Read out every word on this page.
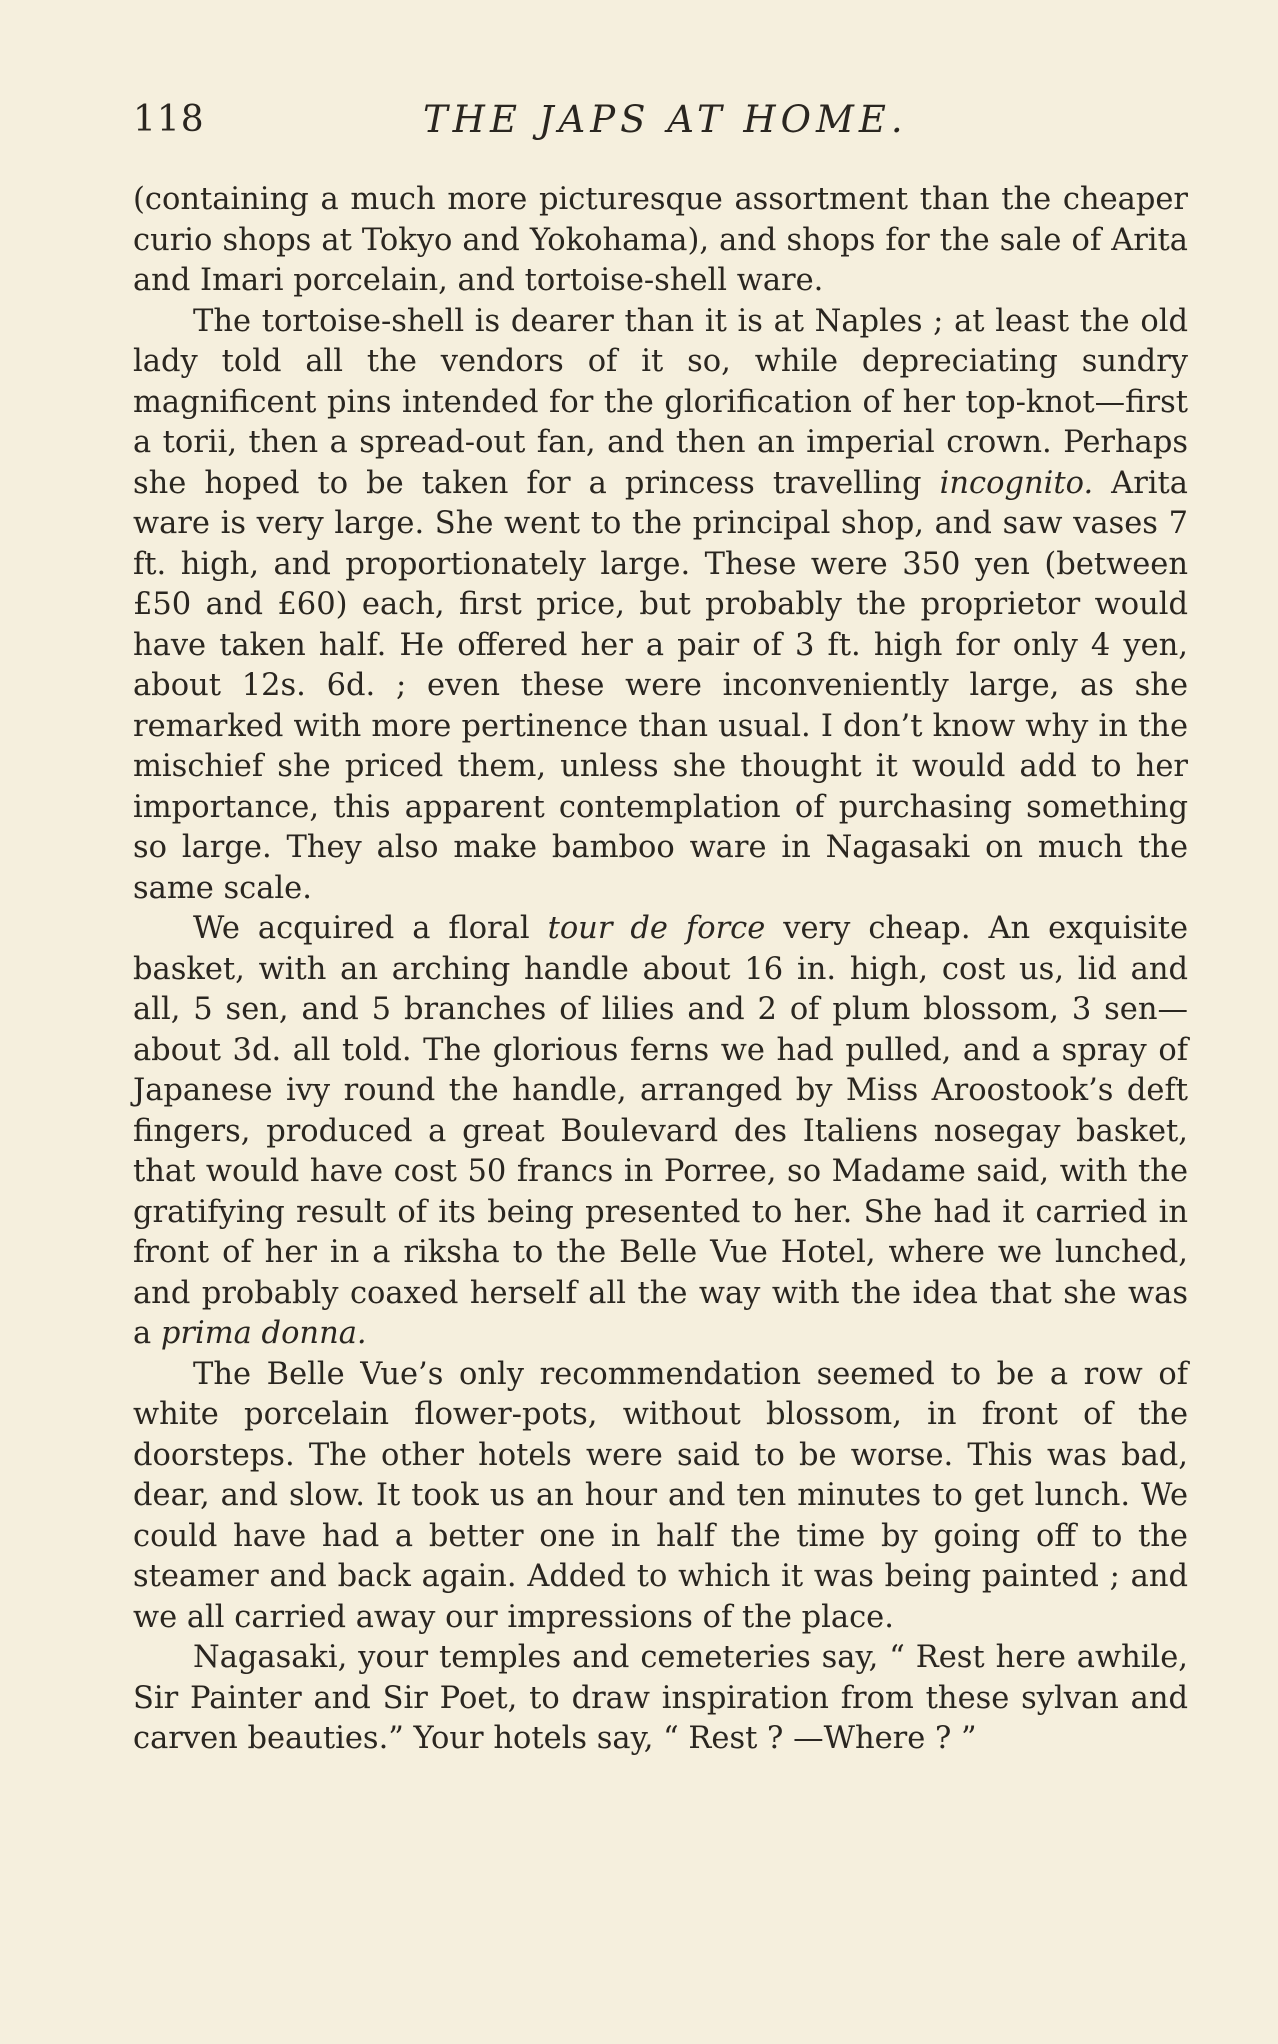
118	THE JAPS AT HOME.

(containing a much more picturesque assortment than the cheaper curio shops at Tokyo and Yokohama), and shops for the sale of Arita and Imari porcelain, and tortoise-shell ware.

The tortoise-shell is dearer than it is at Naples ; at least the old lady told all the vendors of it so, while depreciating sundry magnificent pins intended for the glorification of her top-knot—first a torii, then a spread-out fan, and then an imperial crown. Perhaps she hoped to be taken for a princess travelling incognito. Arita ware is very large. She went to the principal shop, and saw vases 7 ft. high, and proportionately large. These were 350 yen (between £50 and £60) each, first price, but probably the proprietor would have taken half. He offered her a pair of 3 ft. high for only 4 yen, about 12s. 6d. ; even these were inconveniently large, as she remarked with more pertinence than usual. I don’t know why in the mischief she priced them, unless she thought it would add to her importance, this apparent contemplation of purchasing something so large. They also make bamboo ware in Nagasaki on much the same scale.

We acquired a floral tour de force very cheap. An exquisite basket, with an arching handle about 16 in. high, cost us, lid and all, 5 sen, and 5 branches of lilies and 2 of plum blossom, 3 sen—about 3d. all told. The glorious ferns we had pulled, and a spray of Japanese ivy round the handle, arranged by Miss Aroostook’s deft fingers, produced a great Boulevard des Italiens nosegay basket, that would have cost 50 francs in Porree, so Madame said, with the gratifying result of its being presented to her. She had it carried in front of her in a riksha to the Belle Vue Hotel, where we lunched, and probably coaxed herself all the way with the idea that she was a prima donna.

The Belle Vue’s only recommendation seemed to be a row of white porcelain flower-pots, without blossom, in front of the doorsteps. The other hotels were said to be worse. This was bad, dear, and slow. It took us an hour and ten minutes to get lunch. We could have had a better one in half the time by going off to the steamer and back again. Added to which it was being painted ; and we all carried away our impressions of the place.

Nagasaki, your temples and cemeteries say, “ Rest here awhile, Sir Painter and Sir Poet, to draw inspiration from these sylvan and carven beauties.” Your hotels say, “ Rest ? —Where ? ”
